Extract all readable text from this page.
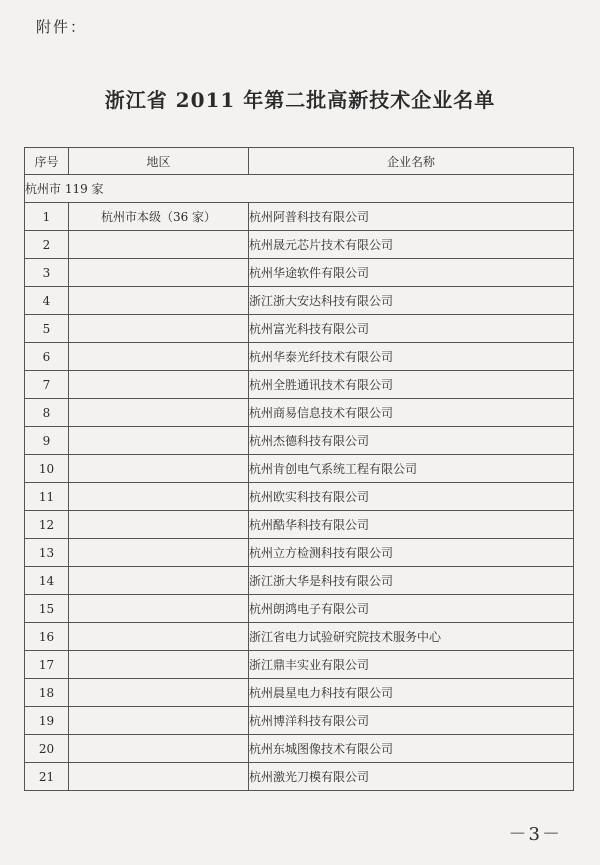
附件：
浙江省 2011 年第二批高新技术企业名单
序号	地区	企业名称
杭州市 119 家		
1	杭州市本级（36 家）	杭州阿普科技有限公司
2		杭州晟元芯片技术有限公司
3		杭州华途软件有限公司
4		浙江浙大安达科技有限公司
5		杭州富光科技有限公司
6		杭州华泰光纤技术有限公司
7		杭州全胜通讯技术有限公司
8		杭州商易信息技术有限公司
9		杭州杰德科技有限公司
10		杭州肯创电气系统工程有限公司
11		杭州欧实科技有限公司
12		杭州酷华科技有限公司
13		杭州立方检测科技有限公司
14		浙江浙大华是科技有限公司
15		杭州朗鸿电子有限公司
16		浙江省电力试验研究院技术服务中心
17		浙江鼎丰实业有限公司
18		杭州晨星电力科技有限公司
19		杭州博洋科技有限公司
20		杭州东城图像技术有限公司
21		杭州激光刀模有限公司
－3－
